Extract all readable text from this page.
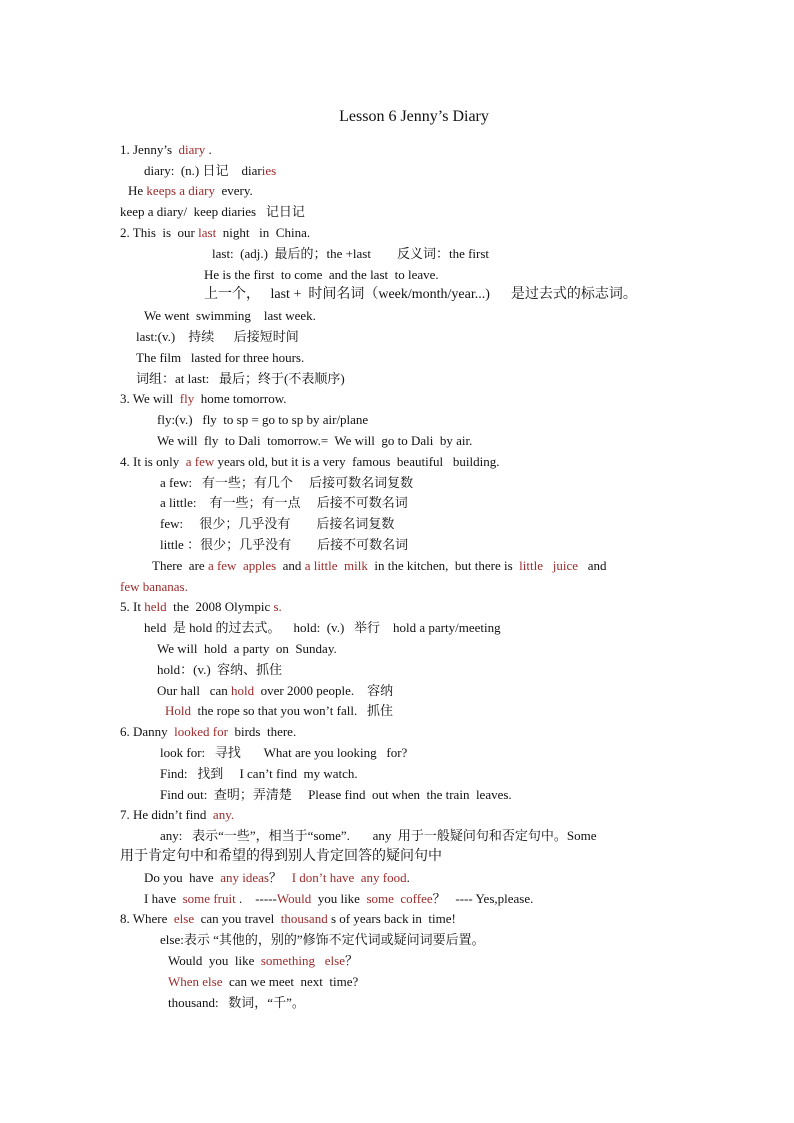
Lesson 6 Jenny’s Diary
1. Jenny’s  diary .
diary:  (n.) 日记    diaries
He keeps a diary  every.
keep a diary/  keep diaries   记日记
2. This  is  our last  night   in  China.
last:  (adj.)  最后的；the +last        反义词：the first
He is the first  to come  and the last  to leave.
上一个，   last +  时间名词（week/month/year...)      是过去式的标志词。
We went  swimming    last week.
last:(v.)    持续      后接短时间
The film   lasted for three hours.
词组：at last:   最后；终于(不表顺序)
3. We will  fly  home tomorrow.
fly:(v.)   fly  to sp = go to sp by air/plane
We will  fly  to Dali  tomorrow.=  We will  go to Dali  by air.
4. It is only  a few years old, but it is a very  famous  beautiful   building.
a few:   有一些；有几个     后接可数名词复数
a little:    有一些；有一点     后接不可数名词
few:     很少；几乎没有        后接名词复数
little ：很少；几乎没有        后接不可数名词
There  are a few  apples  and a little  milk  in the kitchen,  but there is  little juice   and
few bananas.
5. It held  the  2008 Olympic s.
held  是 hold 的过去式。    hold:  (v.)   举行    hold a party/meeting
We will  hold  a party  on  Sunday.
hold：(v.)  容纳、抓住
Our hall   can hold  over 2000 people.    容纳
Hold  the rope so that you won’t fall.   抓住
6. Danny  looked for  birds  there.
look for:   寻找       What are you looking   for?
Find:   找到     I can’t find  my watch.
Find out:  查明；弄清楚     Please find  out when  the train  leaves.
7. He didn’t find  any.
any:   表示“一些”，相当于“some”.       any  用于一般疑问句和否定句中。Some
用于肯定句中和希望的得到别人肯定回答的疑问句中
Do you  have  any ideas？   I don’t have any food.
I have  some fruit .    -----Would  you like  some  coffee？   ---- Yes,please.
8. Where  else  can you travel  thousand s of years back in  time!
else:表示 “其他的，别的”修饰不定代词或疑问词要后置。
Would  you  like  something   else？
When else  can we meet  next  time?
thousand:   数词，“千”。
